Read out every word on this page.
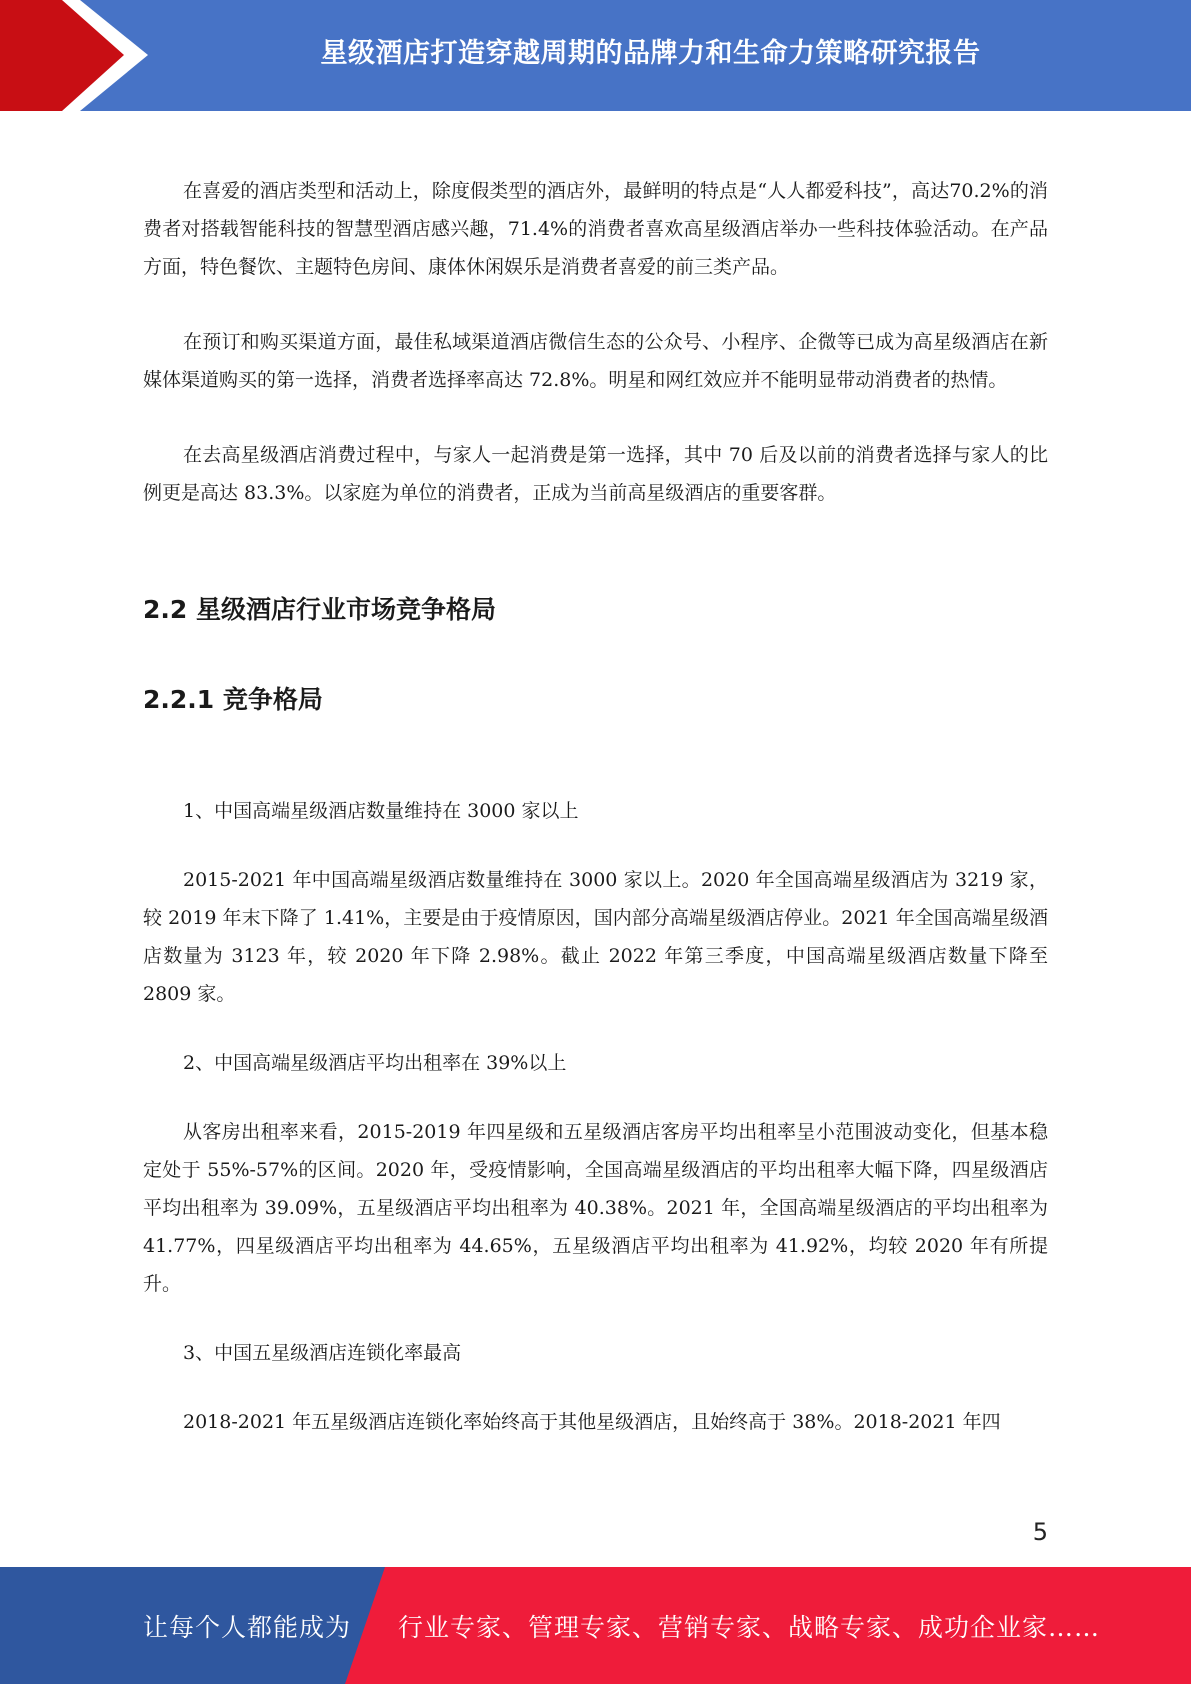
星级酒店打造穿越周期的品牌力和生命力策略研究报告

在喜爱的酒店类型和活动上，除度假类型的酒店外，最鲜明的特点是“人人都爱科技”，高达70.2%的消费者对搭载智能科技的智慧型酒店感兴趣，71.4%的消费者喜欢高星级酒店举办一些科技体验活动。在产品方面，特色餐饮、主题特色房间、康体休闲娱乐是消费者喜爱的前三类产品。

在预订和购买渠道方面，最佳私域渠道酒店微信生态的公众号、小程序、企微等已成为高星级酒店在新媒体渠道购买的第一选择，消费者选择率高达 72.8%。明星和网红效应并不能明显带动消费者的热情。

在去高星级酒店消费过程中，与家人一起消费是第一选择，其中 70 后及以前的消费者选择与家人的比例更是高达 83.3%。以家庭为单位的消费者，正成为当前高星级酒店的重要客群。

2.2 星级酒店行业市场竞争格局
2.2.1 竞争格局

1、中国高端星级酒店数量维持在 3000 家以上

2015-2021 年中国高端星级酒店数量维持在 3000 家以上。2020 年全国高端星级酒店为 3219 家，较 2019 年末下降了 1.41%，主要是由于疫情原因，国内部分高端星级酒店停业。2021 年全国高端星级酒店数量为 3123 年，较 2020 年下降 2.98%。截止 2022 年第三季度，中国高端星级酒店数量下降至 2809 家。

2、中国高端星级酒店平均出租率在 39%以上

从客房出租率来看，2015-2019 年四星级和五星级酒店客房平均出租率呈小范围波动变化，但基本稳定处于 55%-57%的区间。2020 年，受疫情影响，全国高端星级酒店的平均出租率大幅下降，四星级酒店平均出租率为 39.09%，五星级酒店平均出租率为 40.38%。2021 年，全国高端星级酒店的平均出租率为 41.77%，四星级酒店平均出租率为 44.65%，五星级酒店平均出租率为 41.92%，均较 2020 年有所提升。

3、中国五星级酒店连锁化率最高

2018-2021 年五星级酒店连锁化率始终高于其他星级酒店，且始终高于 38%。2018-2021 年四

5
让每个人都能成为 行业专家、管理专家、营销专家、战略专家、成功企业家……
